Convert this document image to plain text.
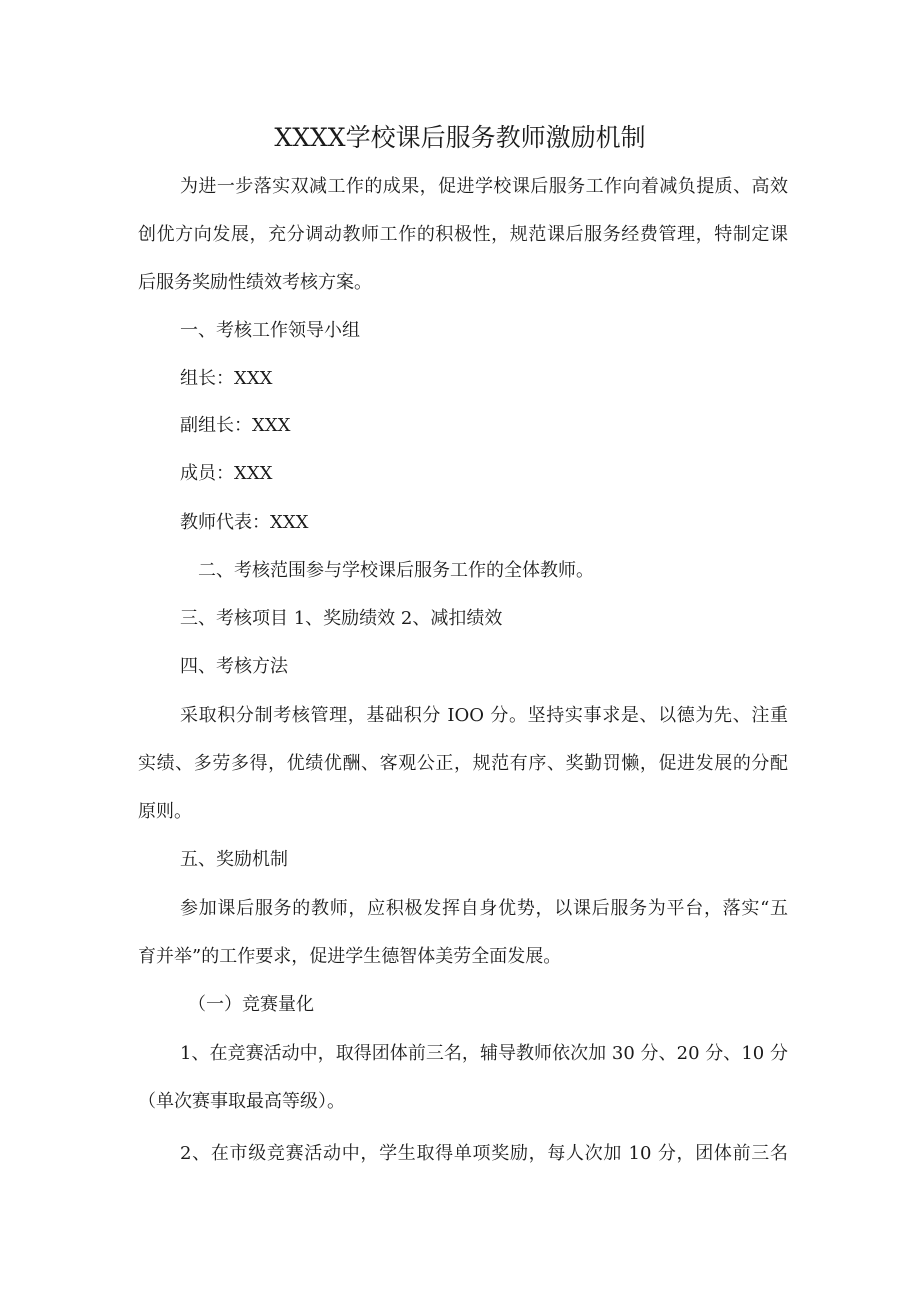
XXXX学校课后服务教师激励机制
为进一步落实双减工作的成果，促进学校课后服务工作向着减负提质、高效
创优方向发展，充分调动教师工作的积极性，规范课后服务经费管理，特制定课
后服务奖励性绩效考核方案。
一、考核工作领导小组
组长：XXX
副组长：XXX
成员：XXX
教师代表：XXX
二、考核范围参与学校课后服务工作的全体教师。
三、考核项目 1、奖励绩效 2、减扣绩效
四、考核方法
采取积分制考核管理，基础积分 IOO 分。坚持实事求是、以德为先、注重
实绩、多劳多得，优绩优酬、客观公正，规范有序、奖勤罚懒，促进发展的分配
原则。
五、奖励机制
参加课后服务的教师，应积极发挥自身优势，以课后服务为平台，落实“五
育并举”的工作要求，促进学生德智体美劳全面发展。
（一）竞赛量化
1、在竞赛活动中，取得团体前三名，辅导教师依次加 30 分、20 分、10 分
（单次赛事取最高等级）。
2、在市级竞赛活动中，学生取得单项奖励，每人次加 10 分，团体前三名
